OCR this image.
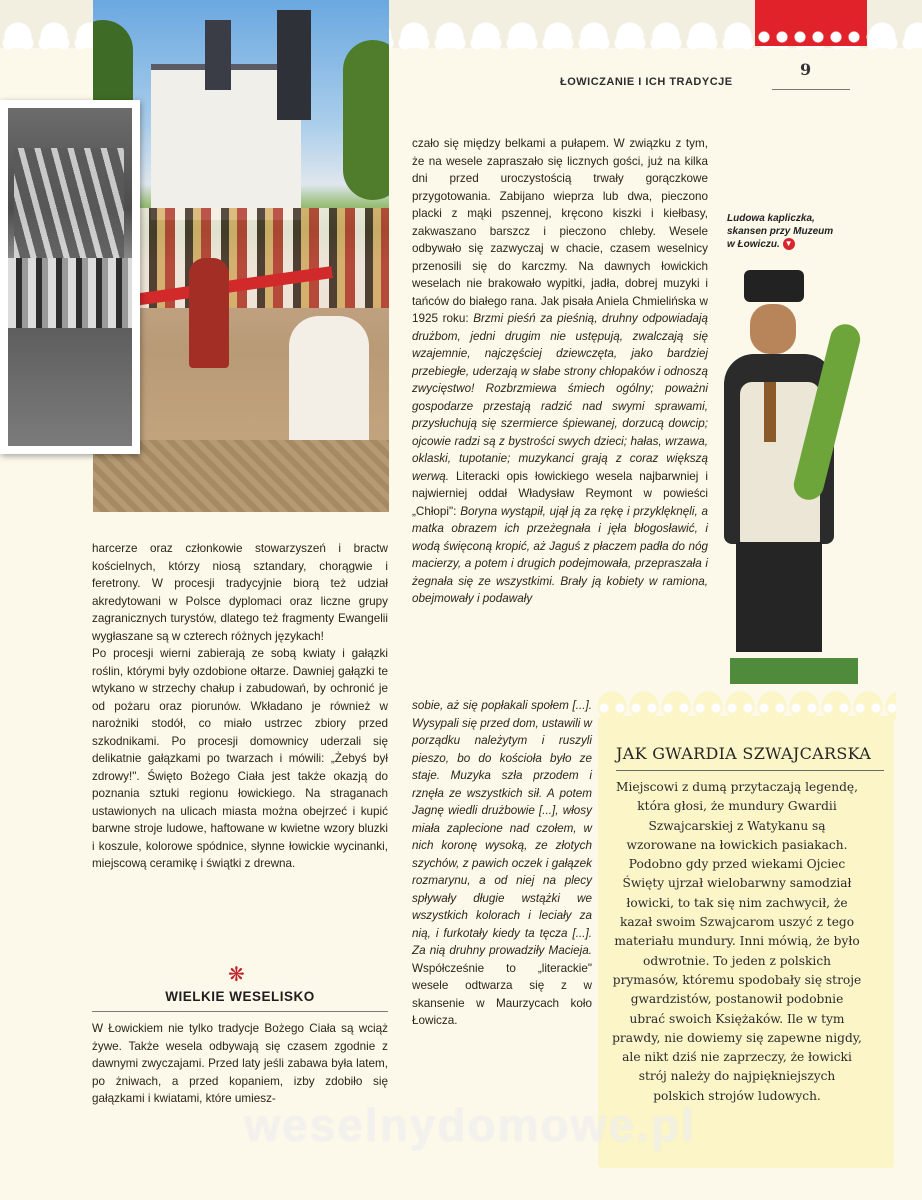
9
ŁOWICZANIE I ICH TRADYCJE
Ludowa kapliczka,
skansen przy Muzeum
w Łowiczu. ▼

harcerze oraz członkowie stowarzyszeń i bractw kościelnych, którzy niosą sztandary, chorągwie i feretrony. W procesji tradycyjnie biorą też udział akredytowani w Polsce dyplomaci oraz liczne grupy zagranicznych turystów, dlatego też fragmenty Ewangelii wygłaszane są w czterech różnych językach!

Po procesji wierni zabierają ze sobą kwiaty i gałązki roślin, którymi były ozdobione ołtarze. Dawniej gałązki te wtykano w strzechy chałup i zabudowań, by ochronić je od pożaru oraz piorunów. Wkładano je również w narożniki stodół, co miało ustrzec zbiory przed szkodnikami. Po procesji domownicy uderzali się delikatnie gałązkami po twarzach i mówili: „Żebyś był zdrowy!". Święto Bożego Ciała jest także okazją do poznania sztuki regionu łowickiego. Na straganach ustawionych na ulicach miasta można obejrzeć i kupić barwne stroje ludowe, haftowane w kwietne wzory bluzki i koszule, kolorowe spódnice, słynne łowickie wycinanki, miejscową ceramikę i świątki z drewna.

❋
WIELKIE WESELISKO

W Łowickiem nie tylko tradycje Bożego Ciała są wciąż żywe. Także wesela odbywają się czasem zgodnie z dawnymi zwyczajami. Przed laty jeśli zabawa była latem, po żniwach, a przed kopaniem, izby zdobiło się gałązkami i kwiatami, które umiesz-

czało się między belkami a pułapem. W związku z tym, że na wesele zapraszało się licznych gości, już na kilka dni przed uroczystością trwały gorączkowe przygotowania. Zabijano wieprza lub dwa, pieczono placki z mąki pszennej, kręcono kiszki i kiełbasy, zakwaszano barszcz i pieczono chleby. Wesele odbywało się zazwyczaj w chacie, czasem weselnicy przenosili się do karczmy. Na dawnych łowickich weselach nie brakowało wypitki, jadła, dobrej muzyki i tańców do białego rana. Jak pisała Aniela Chmielińska w 1925 roku: Brzmi pieśń za pieśnią, druhny odpowiadają drużbom, jedni drugim nie ustępują, zwalczają się wzajemnie, najczęściej dziewczęta, jako bardziej przebiegłe, uderzają w słabe strony chłopaków i odnoszą zwycięstwo! Rozbrzmiewa śmiech ogólny; poważni gospodarze przestają radzić nad swymi sprawami, przysłuchują się szermierce śpiewanej, dorzucą dowcip; ojcowie radzi są z bystrości swych dzieci; hałas, wrzawa, oklaski, tupotanie; muzykanci grają z coraz większą werwą. Literacki opis łowickiego wesela najbarwniej i najwierniej oddał Władysław Reymont w powieści „Chłopi": Boryna wystąpił, ujął ją za rękę i przyklęknęli, a matka obrazem ich przeżegnała i jęła błogosławić, i wodą święconą kropić, aż Jaguś z płaczem padła do nóg macierzy, a potem i drugich podejmowała, przepraszała i żegnała się ze wszystkimi. Brały ją kobiety w ramiona, obejmowały i podawały

sobie, aż się popłakali społem [...]. Wysypali się przed dom, ustawili w porządku należytym i ruszyli pieszo, bo do kościoła było ze staje. Muzyka szła przodem i rznęła ze wszystkich sił. A potem Jagnę wiedli drużbowie [...], włosy miała zaplecione nad czołem, w nich koronę wysoką, ze złotych szychów, z pawich oczek i gałązek rozmarynu, a od niej na plecy spływały długie wstążki we wszystkich kolorach i leciały za nią, i furkotały kiedy ta tęcza [...]. Za nią druhny prowadziły Macieja. Współcześnie to „literackie" wesele odtwarza się z w skansenie w Maurzycach koło Łowicza.

JAK GWARDIA SZWAJCARSKA
Miejscowi z dumą przytaczają legendę, która głosi, że mundury Gwardii Szwajcarskiej z Watykanu są wzorowane na łowickich pasiakach. Podobno gdy przed wiekami Ojciec Święty ujrzał wielobarwny samodział łowicki, to tak się nim zachwycił, że kazał swoim Szwajcarom uszyć z tego materiału mundury. Inni mówią, że było odwrotnie. To jeden z polskich prymasów, któremu spodobały się stroje gwardzistów, postanowił podobnie ubrać swoich Księżaków. Ile w tym prawdy, nie dowiemy się zapewne nigdy, ale nikt dziś nie zaprzeczy, że łowicki strój należy do najpiękniejszych polskich strojów ludowych.
weselnydomowe.pl
